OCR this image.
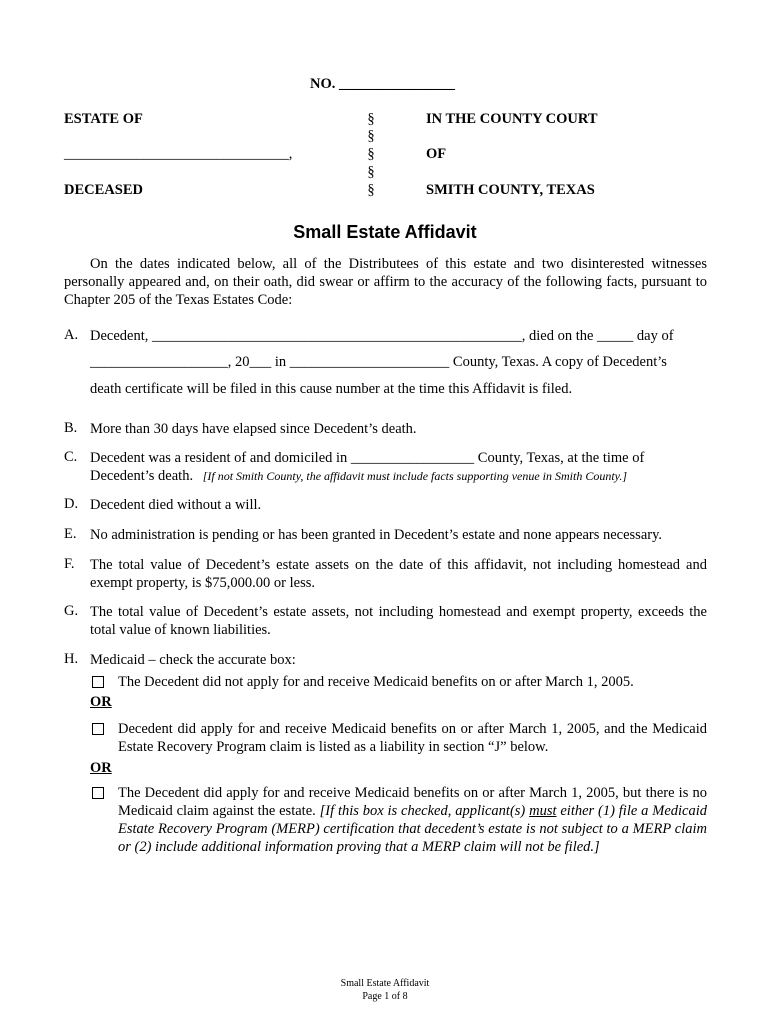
NO. ________________
ESTATE OF
_______________________________,
DECEASED
§
§
§
§
§
IN THE COUNTY COURT
OF
SMITH COUNTY, TEXAS
Small Estate Affidavit
On the dates indicated below, all of the Distributees of this estate and two disinterested witnesses personally appeared and, on their oath, did swear or affirm to the accuracy of the following facts, pursuant to Chapter 205 of the Texas Estates Code:
A. Decedent, ___________________________________________________, died on the _____ day of
___________________, 20___ in ______________________ County, Texas. A copy of Decedent’s
death certificate will be filed in this cause number at the time this Affidavit is filed.
B. More than 30 days have elapsed since Decedent’s death.
C. Decedent was a resident of and domiciled in _________________ County, Texas, at the time of
Decedent’s death. [If not Smith County, the affidavit must include facts supporting venue in Smith County.]
D. Decedent died without a will.
E. No administration is pending or has been granted in Decedent’s estate and none appears necessary.
F. The total value of Decedent’s estate assets on the date of this affidavit, not including homestead and exempt property, is $75,000.00 or less.
G. The total value of Decedent’s estate assets, not including homestead and exempt property, exceeds the total value of known liabilities.
H. Medicaid – check the accurate box:
The Decedent did not apply for and receive Medicaid benefits on or after March 1, 2005.
OR
Decedent did apply for and receive Medicaid benefits on or after March 1, 2005, and the Medicaid Estate Recovery Program claim is listed as a liability in section “J” below.
OR
The Decedent did apply for and receive Medicaid benefits on or after March 1, 2005, but there is no Medicaid claim against the estate. [If this box is checked, applicant(s) must either (1) file a Medicaid Estate Recovery Program (MERP) certification that decedent’s estate is not subject to a MERP claim or (2) include additional information proving that a MERP claim will not be filed.]
Small Estate Affidavit
Page 1 of 8
